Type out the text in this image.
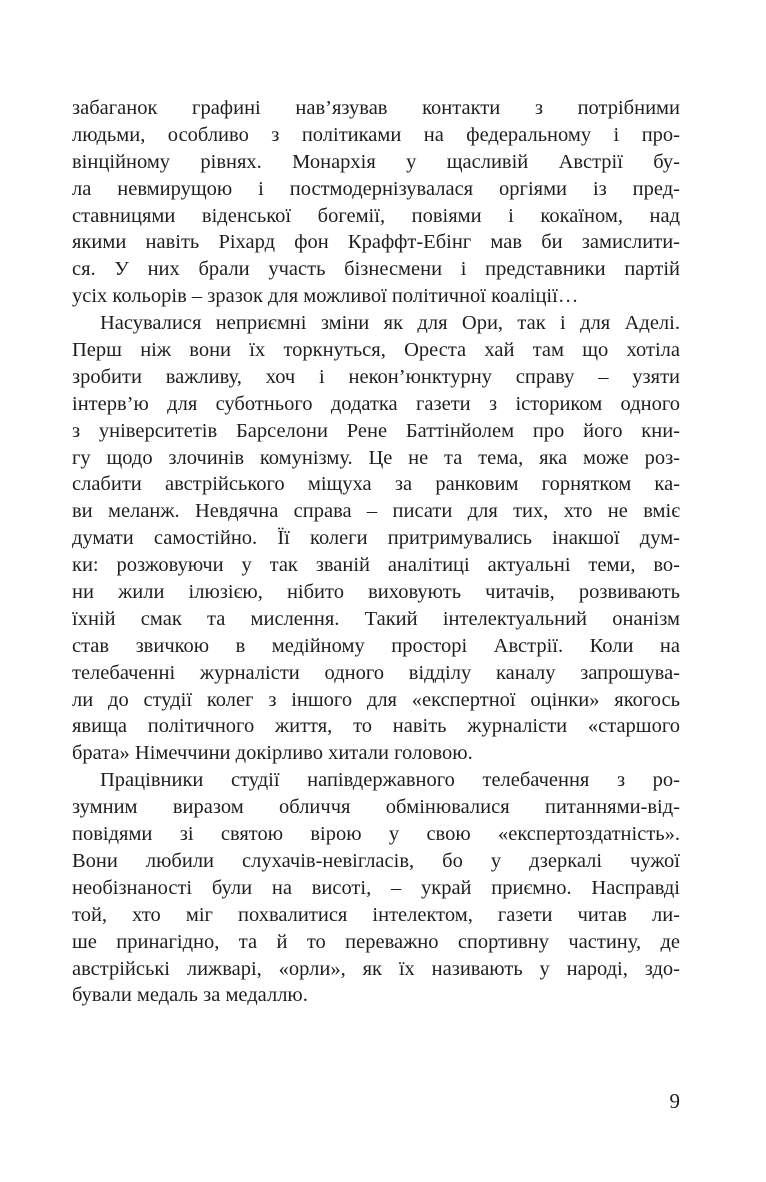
забаганок графині нав’язував контакти з потрібними
людьми, особливо з політиками на федеральному і про-
вінційному рівнях. Монархія у щасливій Австрії бу-
ла невмирущою і постмодернізувалася оргіями із пред-
ставницями віденської богемії, повіями і кокаїном, над
якими навіть Ріхард фон Краффт-Ебінг мав би замислити-
ся. У них брали участь бізнесмени і представники партій
усіх кольорів – зразок для можливої політичної коаліції…
Насувалися неприємні зміни як для Ори, так і для Аделі.
Перш ніж вони їх торкнуться, Ореста хай там що хотіла
зробити важливу, хоч і некон’юнктурну справу – узяти
інтерв’ю для суботнього додатка газети з істориком одного
з університетів Барселони Рене Баттінйолем про його кни-
гу щодо злочинів комунізму. Це не та тема, яка може роз-
слабити австрійського міщуха за ранковим горнятком ка-
ви меланж. Невдячна справа – писати для тих, хто не вміє
думати самостійно. Її колеги притримувались інакшої дум-
ки: розжовуючи у так званій аналітиці актуальні теми, во-
ни жили ілюзією, нібито виховують читачів, розвивають
їхній смак та мислення. Такий інтелектуальний онанізм
став звичкою в медійному просторі Австрії. Коли на
телебаченні журналісти одного відділу каналу запрошува-
ли до студії колег з іншого для «експертної оцінки» якогось
явища політичного життя, то навіть журналісти «старшого
брата» Німеччини докірливо хитали головою.
Працівники студії напівдержавного телебачення з ро-
зумним виразом обличчя обмінювалися питаннями-від-
повідями зі святою вірою у свою «експертоздатність».
Вони любили слухачів-невігласів, бо у дзеркалі чужої
необізнаності були на висоті, – украй приємно. Насправді
той, хто міг похвалитися інтелектом, газети читав ли-
ше принагідно, та й то переважно спортивну частину, де
австрійські лижварі, «орли», як їх називають у народі, здо-
бували медаль за медаллю.
9
